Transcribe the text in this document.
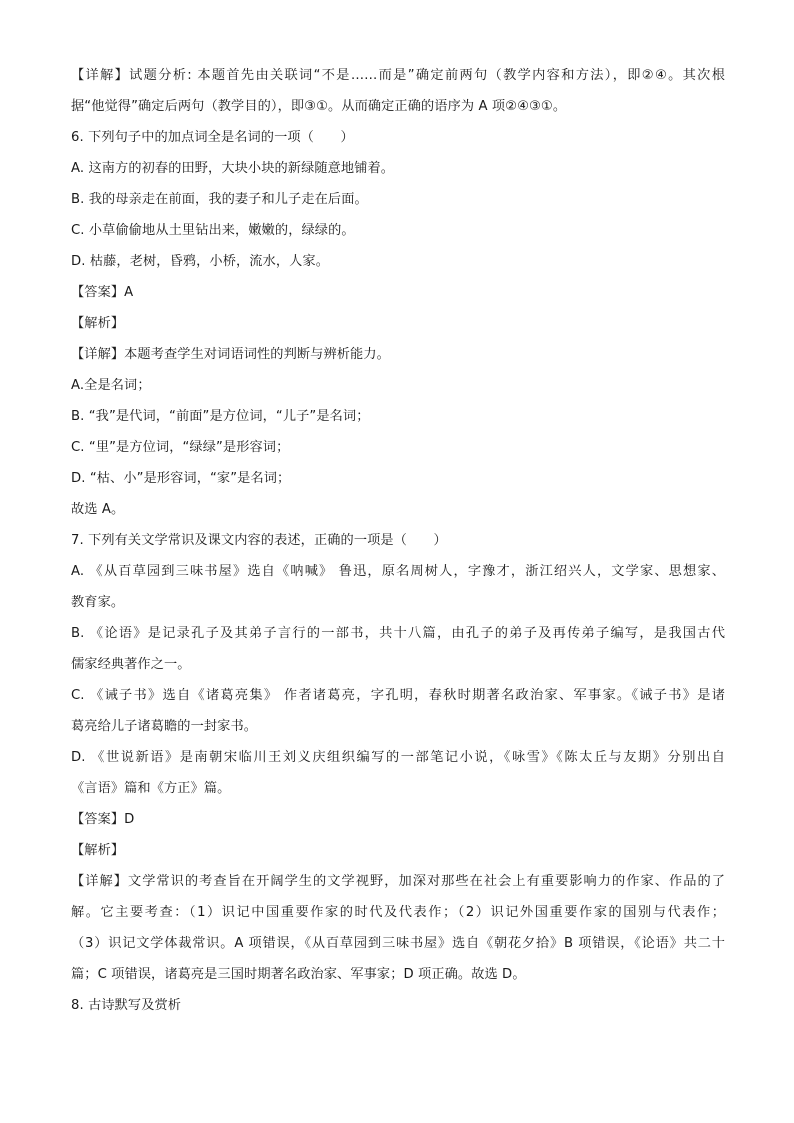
【详解】试题分析: 本题首先由关联词“不是……而是”确定前两句（教学内容和方法），即②④。其次根
据“他觉得”确定后两句（教学目的），即③①。从而确定正确的语序为 A 项②④③①。
6. 下列句子中的加点词全是名词的一项（　　）
A. 这南方的初春的田野，大块小块的新绿随意地铺着。
B. 我的母亲走在前面，我的妻子和儿子走在后面。
C. 小草偷偷地从土里钻出来，嫩嫩的，绿绿的。
D. 枯藤，老树，昏鸦，小桥，流水，人家。
【答案】A
【解析】
【详解】本题考查学生对词语词性的判断与辨析能力。
A.全是名词；
B. “我”是代词，“前面”是方位词，“儿子”是名词；
C. “里”是方位词，“绿绿”是形容词；
D. “枯、小”是形容词，“家”是名词；
故选 A。
7. 下列有关文学常识及课文内容的表述，正确的一项是（　　）
A. 《从百草园到三味书屋》选自《呐喊》 鲁迅，原名周树人，字豫才，浙江绍兴人，文学家、思想家、
教育家。
B. 《论语》是记录孔子及其弟子言行的一部书，共十八篇，由孔子的弟子及再传弟子编写，是我国古代
儒家经典著作之一。
C. 《诫子书》选自《诸葛亮集》 作者诸葛亮，字孔明，春秋时期著名政治家、军事家。《诫子书》是诸
葛亮给儿子诸葛瞻的一封家书。
D. 《世说新语》是南朝宋临川王刘义庆组织编写的一部笔记小说，《咏雪》《陈太丘与友期》分别出自
《言语》篇和《方正》篇。
【答案】D
【解析】
【详解】文学常识的考查旨在开阔学生的文学视野，加深对那些在社会上有重要影响力的作家、作品的了
解。它主要考查：（1）识记中国重要作家的时代及代表作；（2）识记外国重要作家的国别与代表作；
（3）识记文学体裁常识。A 项错误，《从百草园到三味书屋》选自《朝花夕拾》B 项错误，《论语》共二十
篇；C 项错误，诸葛亮是三国时期著名政治家、军事家；D 项正确。故选 D。
8. 古诗默写及赏析
